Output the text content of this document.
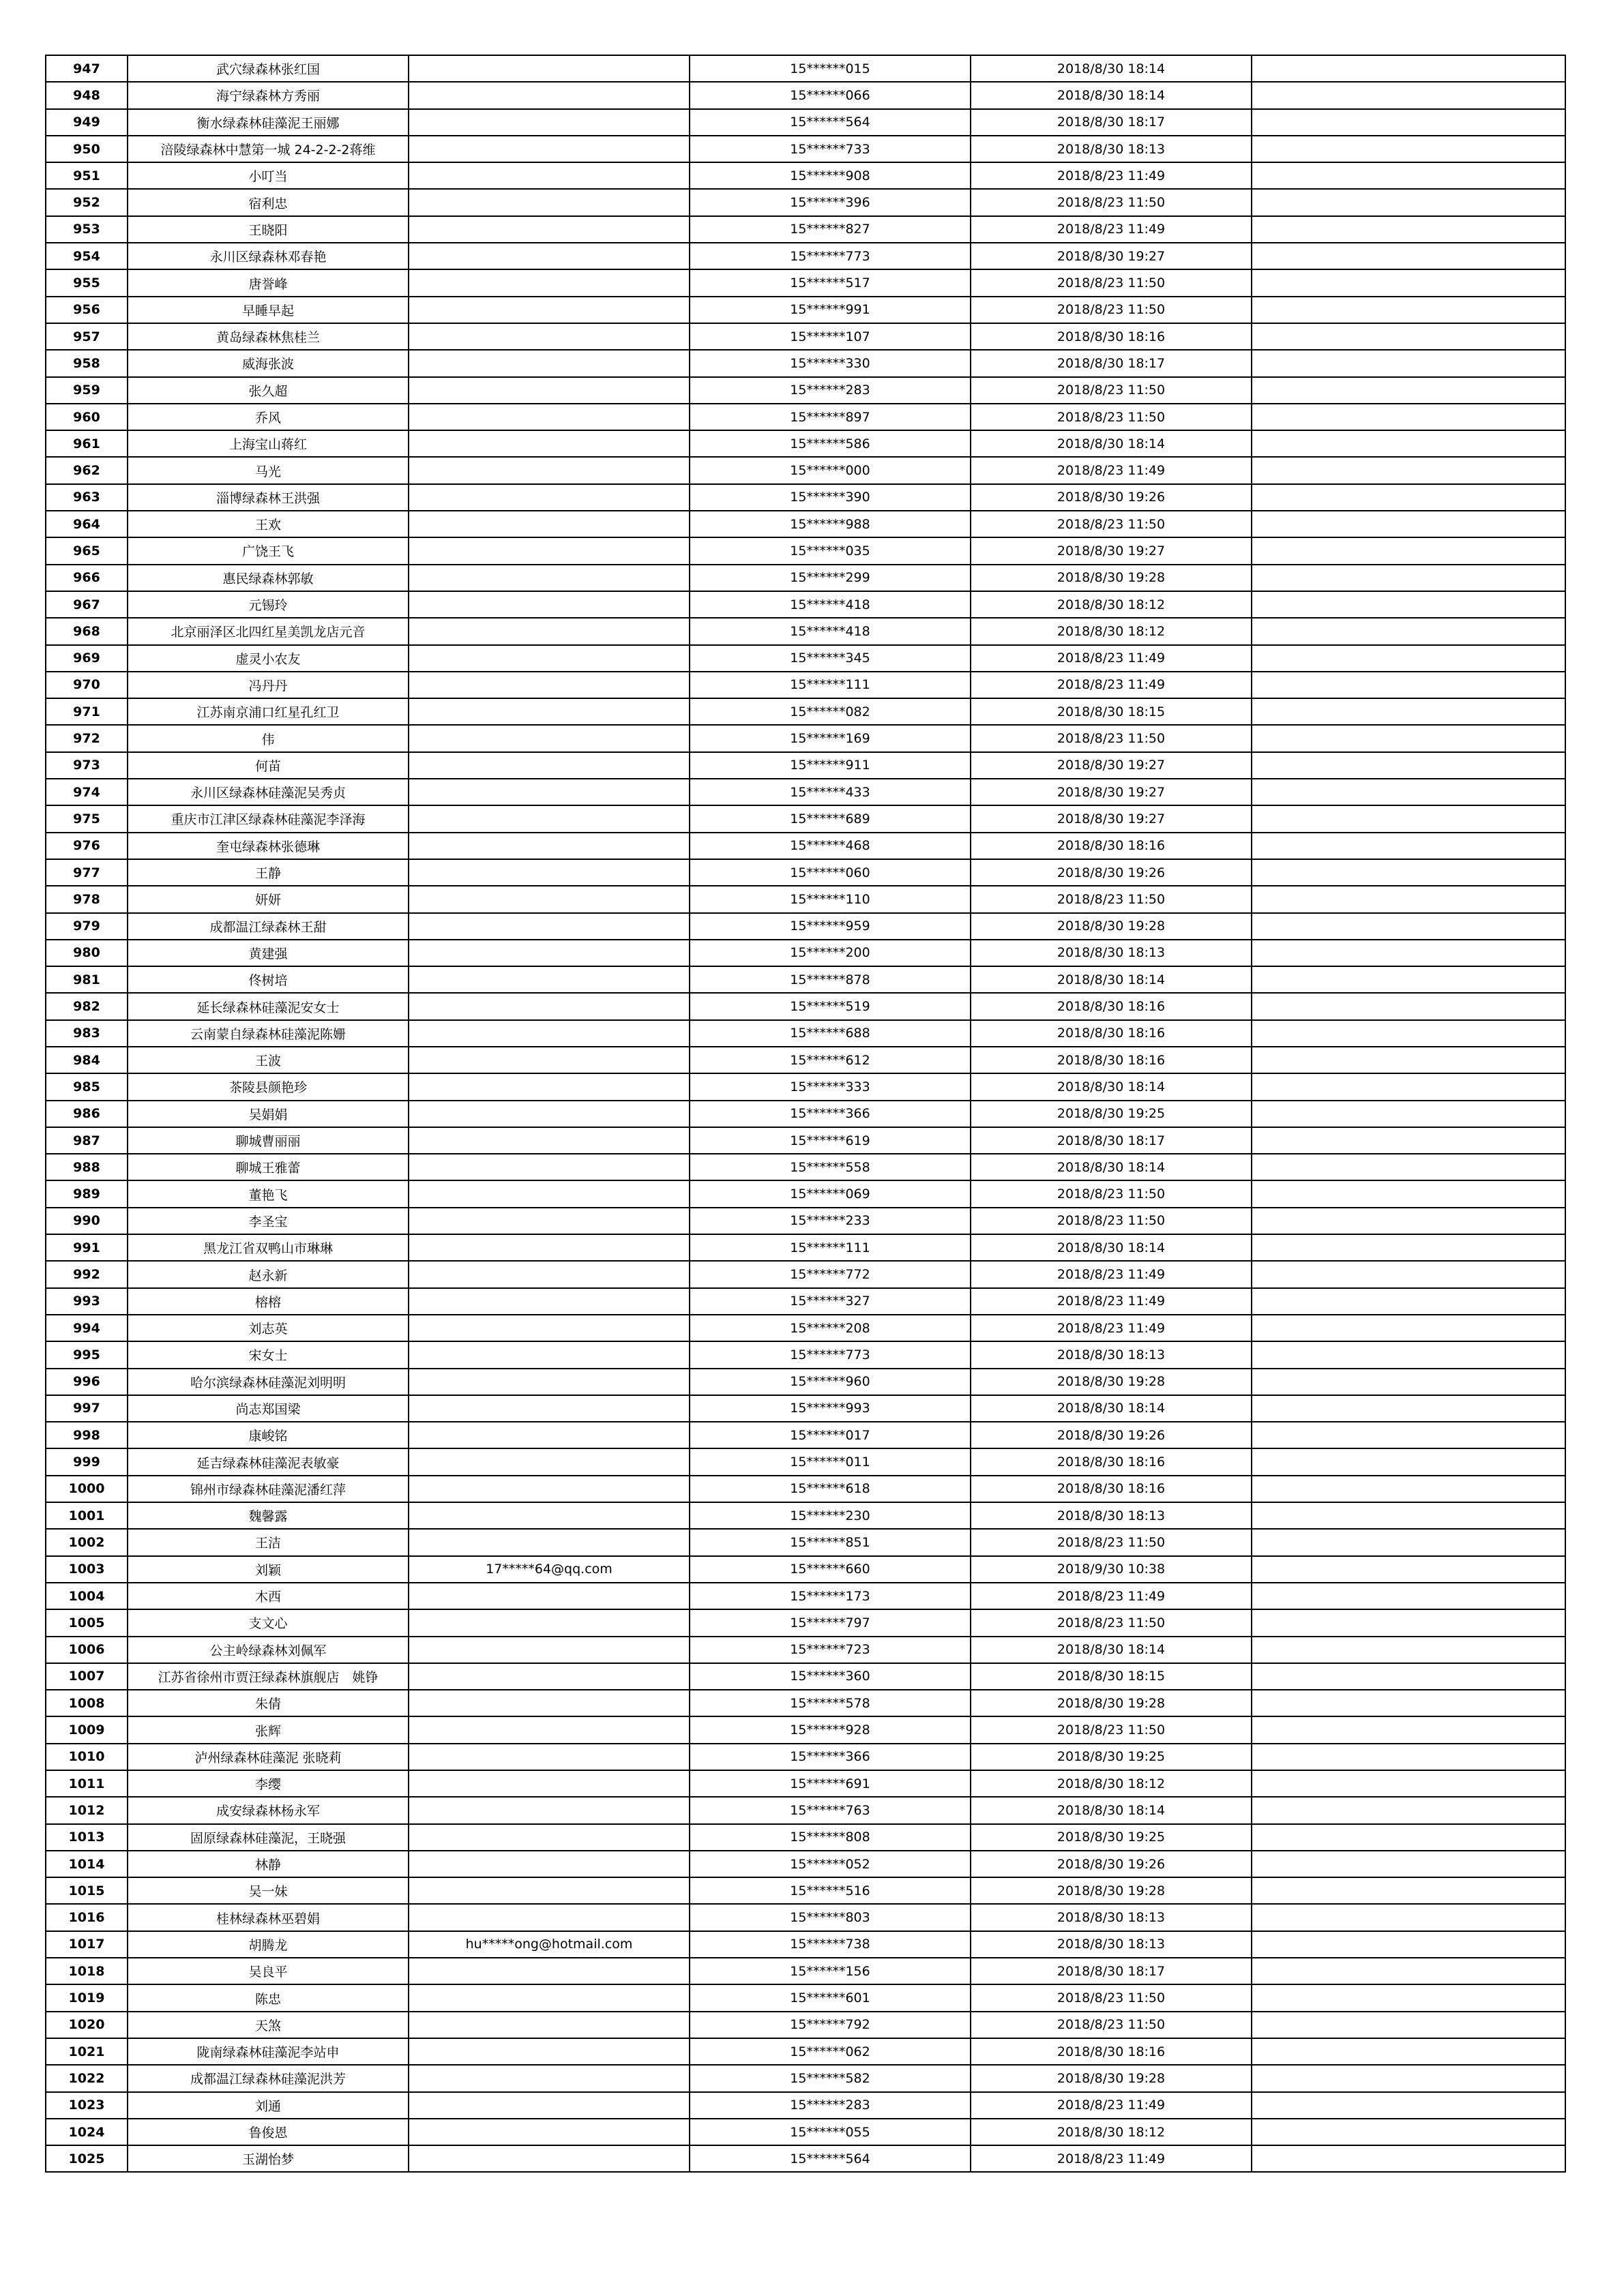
947	武穴绿森林张红国		15******015	2018/8/30 18:14	
948	海宁绿森林方秀丽		15******066	2018/8/30 18:14	
949	衡水绿森林硅藻泥王丽娜		15******564	2018/8/30 18:17	
950	涪陵绿森林中慧第一城 24-2-2-2蒋维		15******733	2018/8/30 18:13	
951	小叮当		15******908	2018/8/23 11:49	
952	宿利忠		15******396	2018/8/23 11:50	
953	王晓阳		15******827	2018/8/23 11:49	
954	永川区绿森林邓春艳		15******773	2018/8/30 19:27	
955	唐誉峰		15******517	2018/8/23 11:50	
956	早睡早起		15******991	2018/8/23 11:50	
957	黄岛绿森林焦桂兰		15******107	2018/8/30 18:16	
958	威海张波		15******330	2018/8/30 18:17	
959	张久超		15******283	2018/8/23 11:50	
960	乔风		15******897	2018/8/23 11:50	
961	上海宝山蒋红		15******586	2018/8/30 18:14	
962	马光		15******000	2018/8/23 11:49	
963	淄博绿森林王洪强		15******390	2018/8/30 19:26	
964	王欢		15******988	2018/8/23 11:50	
965	广饶王飞		15******035	2018/8/30 19:27	
966	惠民绿森林郭敏		15******299	2018/8/30 19:28	
967	元锡玲		15******418	2018/8/30 18:12	
968	北京丽泽区北四红星美凯龙店元音		15******418	2018/8/30 18:12	
969	虚灵小农友		15******345	2018/8/23 11:49	
970	冯丹丹		15******111	2018/8/23 11:49	
971	江苏南京浦口红星孔红卫		15******082	2018/8/30 18:15	
972	伟		15******169	2018/8/23 11:50	
973	何苗		15******911	2018/8/30 19:27	
974	永川区绿森林硅藻泥吴秀贞		15******433	2018/8/30 19:27	
975	重庆市江津区绿森林硅藻泥李泽海		15******689	2018/8/30 19:27	
976	奎屯绿森林张德琳		15******468	2018/8/30 18:16	
977	王静		15******060	2018/8/30 19:26	
978	妍妍		15******110	2018/8/23 11:50	
979	成都温江绿森林王甜		15******959	2018/8/30 19:28	
980	黄建强		15******200	2018/8/30 18:13	
981	佟树培		15******878	2018/8/30 18:14	
982	延长绿森林硅藻泥安女士		15******519	2018/8/30 18:16	
983	云南蒙自绿森林硅藻泥陈姗		15******688	2018/8/30 18:16	
984	王波		15******612	2018/8/30 18:16	
985	茶陵县颜艳珍		15******333	2018/8/30 18:14	
986	吴娟娟		15******366	2018/8/30 19:25	
987	聊城曹丽丽		15******619	2018/8/30 18:17	
988	聊城王雅蕾		15******558	2018/8/30 18:14	
989	董艳飞		15******069	2018/8/23 11:50	
990	李圣宝		15******233	2018/8/23 11:50	
991	黑龙江省双鸭山市琳琳		15******111	2018/8/30 18:14	
992	赵永新		15******772	2018/8/23 11:49	
993	榕榕		15******327	2018/8/23 11:49	
994	刘志英		15******208	2018/8/23 11:49	
995	宋女士		15******773	2018/8/30 18:13	
996	哈尔滨绿森林硅藻泥刘明明		15******960	2018/8/30 19:28	
997	尚志郑国梁		15******993	2018/8/30 18:14	
998	康峻铭		15******017	2018/8/30 19:26	
999	延吉绿森林硅藻泥表敏豪		15******011	2018/8/30 18:16	
1000	锦州市绿森林硅藻泥潘红萍		15******618	2018/8/30 18:16	
1001	魏馨露		15******230	2018/8/30 18:13	
1002	王洁		15******851	2018/8/23 11:50	
1003	刘颖	17*****64@qq.com	15******660	2018/9/30 10:38	
1004	木西		15******173	2018/8/23 11:49	
1005	支文心		15******797	2018/8/23 11:50	
1006	公主岭绿森林刘佩军		15******723	2018/8/30 18:14	
1007	江苏省徐州市贾汪绿森林旗舰店　姚铮		15******360	2018/8/30 18:15	
1008	朱倩		15******578	2018/8/30 19:28	
1009	张辉		15******928	2018/8/23 11:50	
1010	泸州绿森林硅藻泥 张晓莉		15******366	2018/8/30 19:25	
1011	李缨		15******691	2018/8/30 18:12	
1012	成安绿森林杨永军		15******763	2018/8/30 18:14	
1013	固原绿森林硅藻泥，王晓强		15******808	2018/8/30 19:25	
1014	林静		15******052	2018/8/30 19:26	
1015	吴一妹		15******516	2018/8/30 19:28	
1016	桂林绿森林巫碧娟		15******803	2018/8/30 18:13	
1017	胡腾龙	hu*****ong@hotmail.com	15******738	2018/8/30 18:13	
1018	吴良平		15******156	2018/8/30 18:17	
1019	陈忠		15******601	2018/8/23 11:50	
1020	天煞		15******792	2018/8/23 11:50	
1021	陇南绿森林硅藻泥李站申		15******062	2018/8/30 18:16	
1022	成都温江绿森林硅藻泥洪芳		15******582	2018/8/30 19:28	
1023	刘通		15******283	2018/8/23 11:49	
1024	鲁俊恩		15******055	2018/8/30 18:12	
1025	玉湖怡梦		15******564	2018/8/23 11:49	
